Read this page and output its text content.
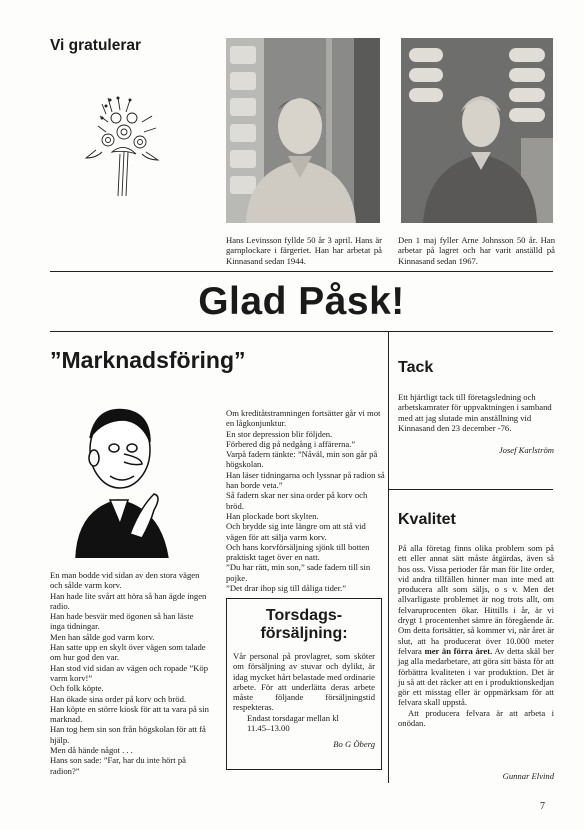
Vi gratulerar
Hans Levinsson fyllde 50 år 3 april. Hans är garnplockare i färgeriet. Han har arbetat på Kinnasand sedan 1944.
Den 1 maj fyller Arne Johnsson 50 år. Han arbetar på lagret och har varit anställd på Kinnasand sedan 1967.
Glad Påsk!
”Marknadsföring”

En man bodde vid sidan av den stora vägen och sålde varm korv.

Han hade lite svårt att höra så han ägde ingen radio.

Han hade besvär med ögonen så han läste inga tidningar.

Men han sålde god varm korv.

Han satte upp en skylt över vägen som talade om hur god den var.

Han stod vid sidan av vägen och ropade ”Köp varm korv!”

Och folk köpte.

Han ökade sina order på korv och bröd.

Han köpte en större kiosk för att ta vara på sin marknad.

Han tog hem sin son från högskolan för att få hjälp.

Men då hände något . . .

Hans son sade: ”Far, har du inte hört på radion?”

Om kreditåtstramningen fortsätter går vi mot en lågkonjunktur.

En stor depression blir följden.

Förbered dig på nedgång i affärerna.”

Varpå fadern tänkte: ”Nåväl, min son går på högskolan.

Han läser tidningarna och lyssnar på radion så han borde veta.”

Så fadern skar ner sina order på korv och bröd.

Han plockade bort skylten.

Och brydde sig inte längre om att stå vid vägen för att sälja varm korv.

Och hans korvförsäljning sjönk till botten praktiskt taget över en natt.

”Du har rätt, min son,” sade fadern till sin pojke.

”Det drar ihop sig till dåliga tider.”

Torsdags-
försäljning:
Vår personal på provlagret, som sköter om försäljning av stuvar och dylikt, är idag mycket hårt belastade med ordinarie arbete. För att underlätta deras arbete måste följande försäljningstid respekteras.
Endast torsdagar mellan kl
11.45–13.00
Bo G Öberg
Tack
Ett hjärtligt tack till företagsledning och arbetskamrater för uppvaktningen i samband med att jag slutade min anställning vid Kinnasand den 23 december -76.
Josef Karlström
Kvalitet

På alla företag finns olika problem som på ett eller annat sätt måste åtgärdas, även så hos oss. Vissa perioder får man för lite order, vid andra tillfällen hinner man inte med att producera allt som säljs, o s v. Men det allvarligaste problemet är nog trots allt, om felvaruprocenten ökar. Hittills i år, är vi drygt 1 procentenhet sämre än föregående år. Om detta fortsätter, så kommer vi, när året är slut, att ha producerat över 10.000 meter felvara mer än förra året. Av detta skäl ber jag alla medarbetare, att göra sitt bästa för att förbättra kvaliteten i var produktion. Det är ju så att det räcker att en i produktionskedjan gör ett misstag eller är oppmärksam för att felvara skall uppstå.

Att producera felvara är att arbeta i onödan.

Gunnar Elvind
7
